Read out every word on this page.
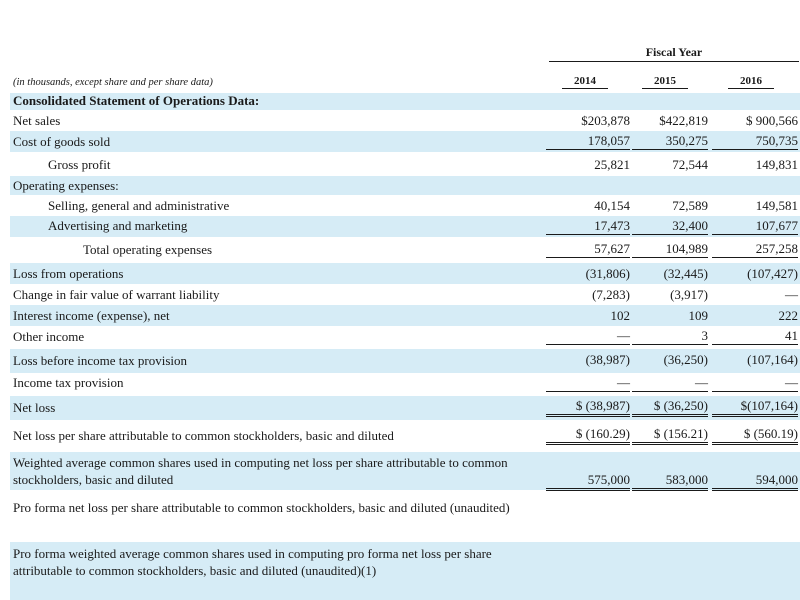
Fiscal Year
(in thousands, except share and per share data)	2014	2015	2016
Consolidated Statement of Operations Data:
Net sales	$203,878	$422,819	$ 900,566
Cost of goods sold	178,057	350,275	750,735
Gross profit	25,821	72,544	149,831
Operating expenses:
Selling, general and administrative	40,154	72,589	149,581
Advertising and marketing	17,473	32,400	107,677
Total operating expenses	57,627	104,989	257,258
Loss from operations	(31,806)	(32,445)	(107,427)
Change in fair value of warrant liability	(7,283)	(3,917)	—
Interest income (expense), net	102	109	222
Other income	—	3	41
Loss before income tax provision	(38,987)	(36,250)	(107,164)
Income tax provision	—	—	—
Net loss	$ (38,987)	$ (36,250)	$(107,164)
Net loss per share attributable to common stockholders, basic and diluted	$ (160.29)	$ (156.21)	$ (560.19)
Weighted average common shares used in computing net loss per share attributable to common stockholders, basic and diluted	575,000	583,000	594,000
Pro forma net loss per share attributable to common stockholders, basic and diluted (unaudited)
Pro forma weighted average common shares used in computing pro forma net loss per share attributable to common stockholders, basic and diluted (unaudited)(1)
